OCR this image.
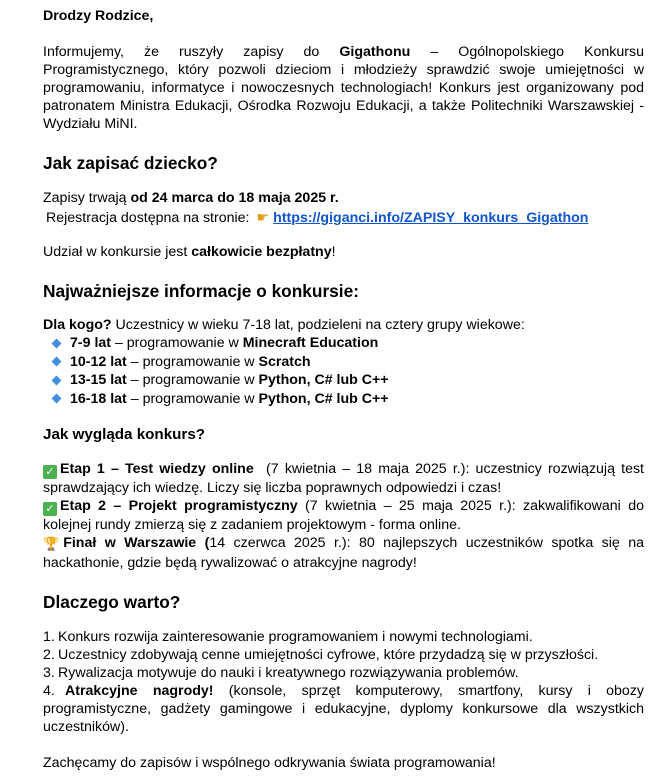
Drodzy Rodzice,

Informujemy, że ruszyły zapisy do Gigathonu – Ogólnopolskiego Konkursu Programistycznego, który pozwoli dzieciom i młodzieży sprawdzić swoje umiejętności w programowaniu, informatyce i nowoczesnych technologiach! Konkurs jest organizowany pod patronatem Ministra Edukacji, Ośrodka Rozwoju Edukacji, a także Politechniki Warszawskiej - Wydziału MiNI.

Jak zapisać dziecko?

Zapisy trwają od 24 marca do 18 maja 2025 r.

Rejestracja dostępna na stronie: ☛ https://giganci.info/ZAPISY_konkurs_Gigathon

Udział w konkursie jest całkowicie bezpłatny!

Najważniejsze informacje o konkursie:

Dla kogo? Uczestnicy w wieku 7-18 lat, podzieleni na cztery grupy wiekowe:

7-9 lat – programowanie w Minecraft Education
10-12 lat – programowanie w Scratch
13-15 lat – programowanie w Python, C# lub C++
16-18 lat – programowanie w Python, C# lub C++
Jak wygląda konkurs?

✓ Etap 1 – Test wiedzy online  (7 kwietnia – 18 maja 2025 r.): uczestnicy rozwiązują test sprawdzający ich wiedzę. Liczy się liczba poprawnych odpowiedzi i czas!

✓ Etap 2 – Projekt programistyczny (7 kwietnia – 25 maja 2025 r.): zakwalifikowani do kolejnej rundy zmierzą się z zadaniem projektowym - forma online.

🏆 Finał w Warszawie (14 czerwca 2025 r.): 80 najlepszych uczestników spotka się na hackathonie, gdzie będą rywalizować o atrakcyjne nagrody!

Dlaczego warto?

1. Konkurs rozwija zainteresowanie programowaniem i nowymi technologiami.

2. Uczestnicy zdobywają cenne umiejętności cyfrowe, które przydadzą się w przyszłości.

3. Rywalizacja motywuje do nauki i kreatywnego rozwiązywania problemów.

4. Atrakcyjne nagrody! (konsole, sprzęt komputerowy, smartfony, kursy i obozy programistyczne, gadżety gamingowe i edukacyjne, dyplomy konkursowe dla wszystkich uczestników).

Zachęcamy do zapisów i wspólnego odkrywania świata programowania!
